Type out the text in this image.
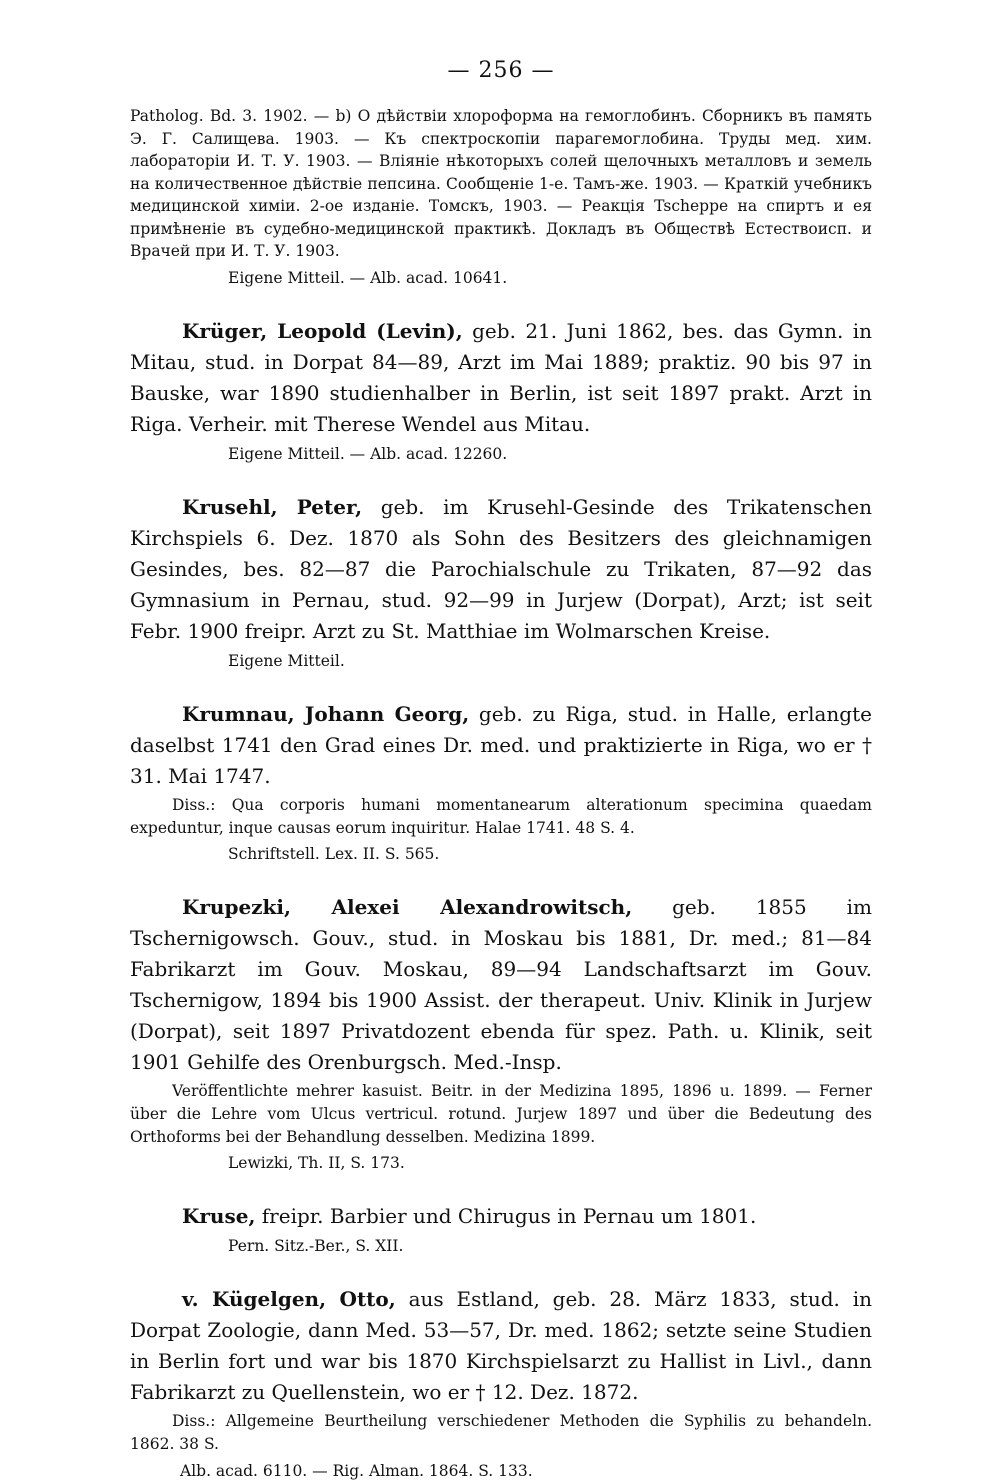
— 256 —

Patholog. Bd. 3. 1902. — b) О дѣйствіи хлороформа на гемоглобинъ. Сборникъ въ память Э. Г. Салищева. 1903. — Къ спектроскопіи парагемоглобина. Труды мед. хим. лабораторіи И. Т. У. 1903. — Вліяніе нѣкоторыхъ солей щелочныхъ металловъ и земель на количественное дѣйствіе пепсина. Сообщеніе 1-е. Тамъ-же. 1903. — Краткій учебникъ медицинской химіи. 2-ое изданіе. Томскъ, 1903. — Реакція Tschеррe на спиртъ и ея примѣненіе въ судебно-медицинской практикѣ. Докладъ въ Обществѣ Естествоисп. и Врачей при И. Т. У. 1903.

Eigene Mitteil. — Alb. acad. 10641.

Krüger, Leopold (Levin), geb. 21. Juni 1862, bes. das Gymn. in Mitau, stud. in Dorpat 84—89, Arzt im Mai 1889; praktiz. 90 bis 97 in Bauske, war 1890 studienhalber in Berlin, ist seit 1897 prakt. Arzt in Riga. Verheir. mit Therese Wendel aus Mitau.

Eigene Mitteil. — Alb. acad. 12260.

Krusehl, Peter, geb. im Krusehl-Gesinde des Trikatenschen Kirchspiels 6. Dez. 1870 als Sohn des Besitzers des gleichnamigen Gesindes, bes. 82—87 die Parochialschule zu Trikaten, 87—92 das Gymnasium in Pernau, stud. 92—99 in Jurjew (Dorpat), Arzt; ist seit Febr. 1900 freipr. Arzt zu St. Matthiae im Wolmarschen Kreise.

Eigene Mitteil.

Krumnau, Johann Georg, geb. zu Riga, stud. in Halle, erlangte daselbst 1741 den Grad eines Dr. med. und praktizierte in Riga, wo er † 31. Mai 1747.

Diss.: Qua corporis humani momentanearum alterationum specimina quaedam expeduntur, inque causas eorum inquiritur. Halae 1741. 48 S. 4.

Schriftstell. Lex. II. S. 565.

Krupezki, Alexei Alexandrowitsch, geb. 1855 im Tschernigowsch. Gouv., stud. in Moskau bis 1881, Dr. med.; 81—84 Fabrikarzt im Gouv. Moskau, 89—94 Landschaftsarzt im Gouv. Tschernigow, 1894 bis 1900 Assist. der therapeut. Univ. Klinik in Jurjew (Dorpat), seit 1897 Privatdozent ebenda für spez. Path. u. Klinik, seit 1901 Gehilfe des Orenburgsch. Med.-Insp.

Veröffentlichte mehrer kasuist. Beitr. in der Medizina 1895, 1896 u. 1899. — Ferner über die Lehre vom Ulcus vertricul. rotund. Jurjew 1897 und über die Bedeutung des Orthoforms bei der Behandlung desselben. Medizina 1899.

Lewizki, Th. II, S. 173.

Kruse, freipr. Barbier und Chirugus in Pernau um 1801.

Pern. Sitz.-Ber., S. XII.

v. Kügelgen, Otto, aus Estland, geb. 28. März 1833, stud. in Dorpat Zoologie, dann Med. 53—57, Dr. med. 1862; setzte seine Studien in Berlin fort und war bis 1870 Kirchspielsarzt zu Hallist in Livl., dann Fabrikarzt zu Quellenstein, wo er † 12. Dez. 1872.

Diss.: Allgemeine Beurtheilung verschiedener Methoden die Syphilis zu behandeln. 1862. 38 S.

Alb. acad. 6110. — Rig. Alman. 1864. S. 133.
